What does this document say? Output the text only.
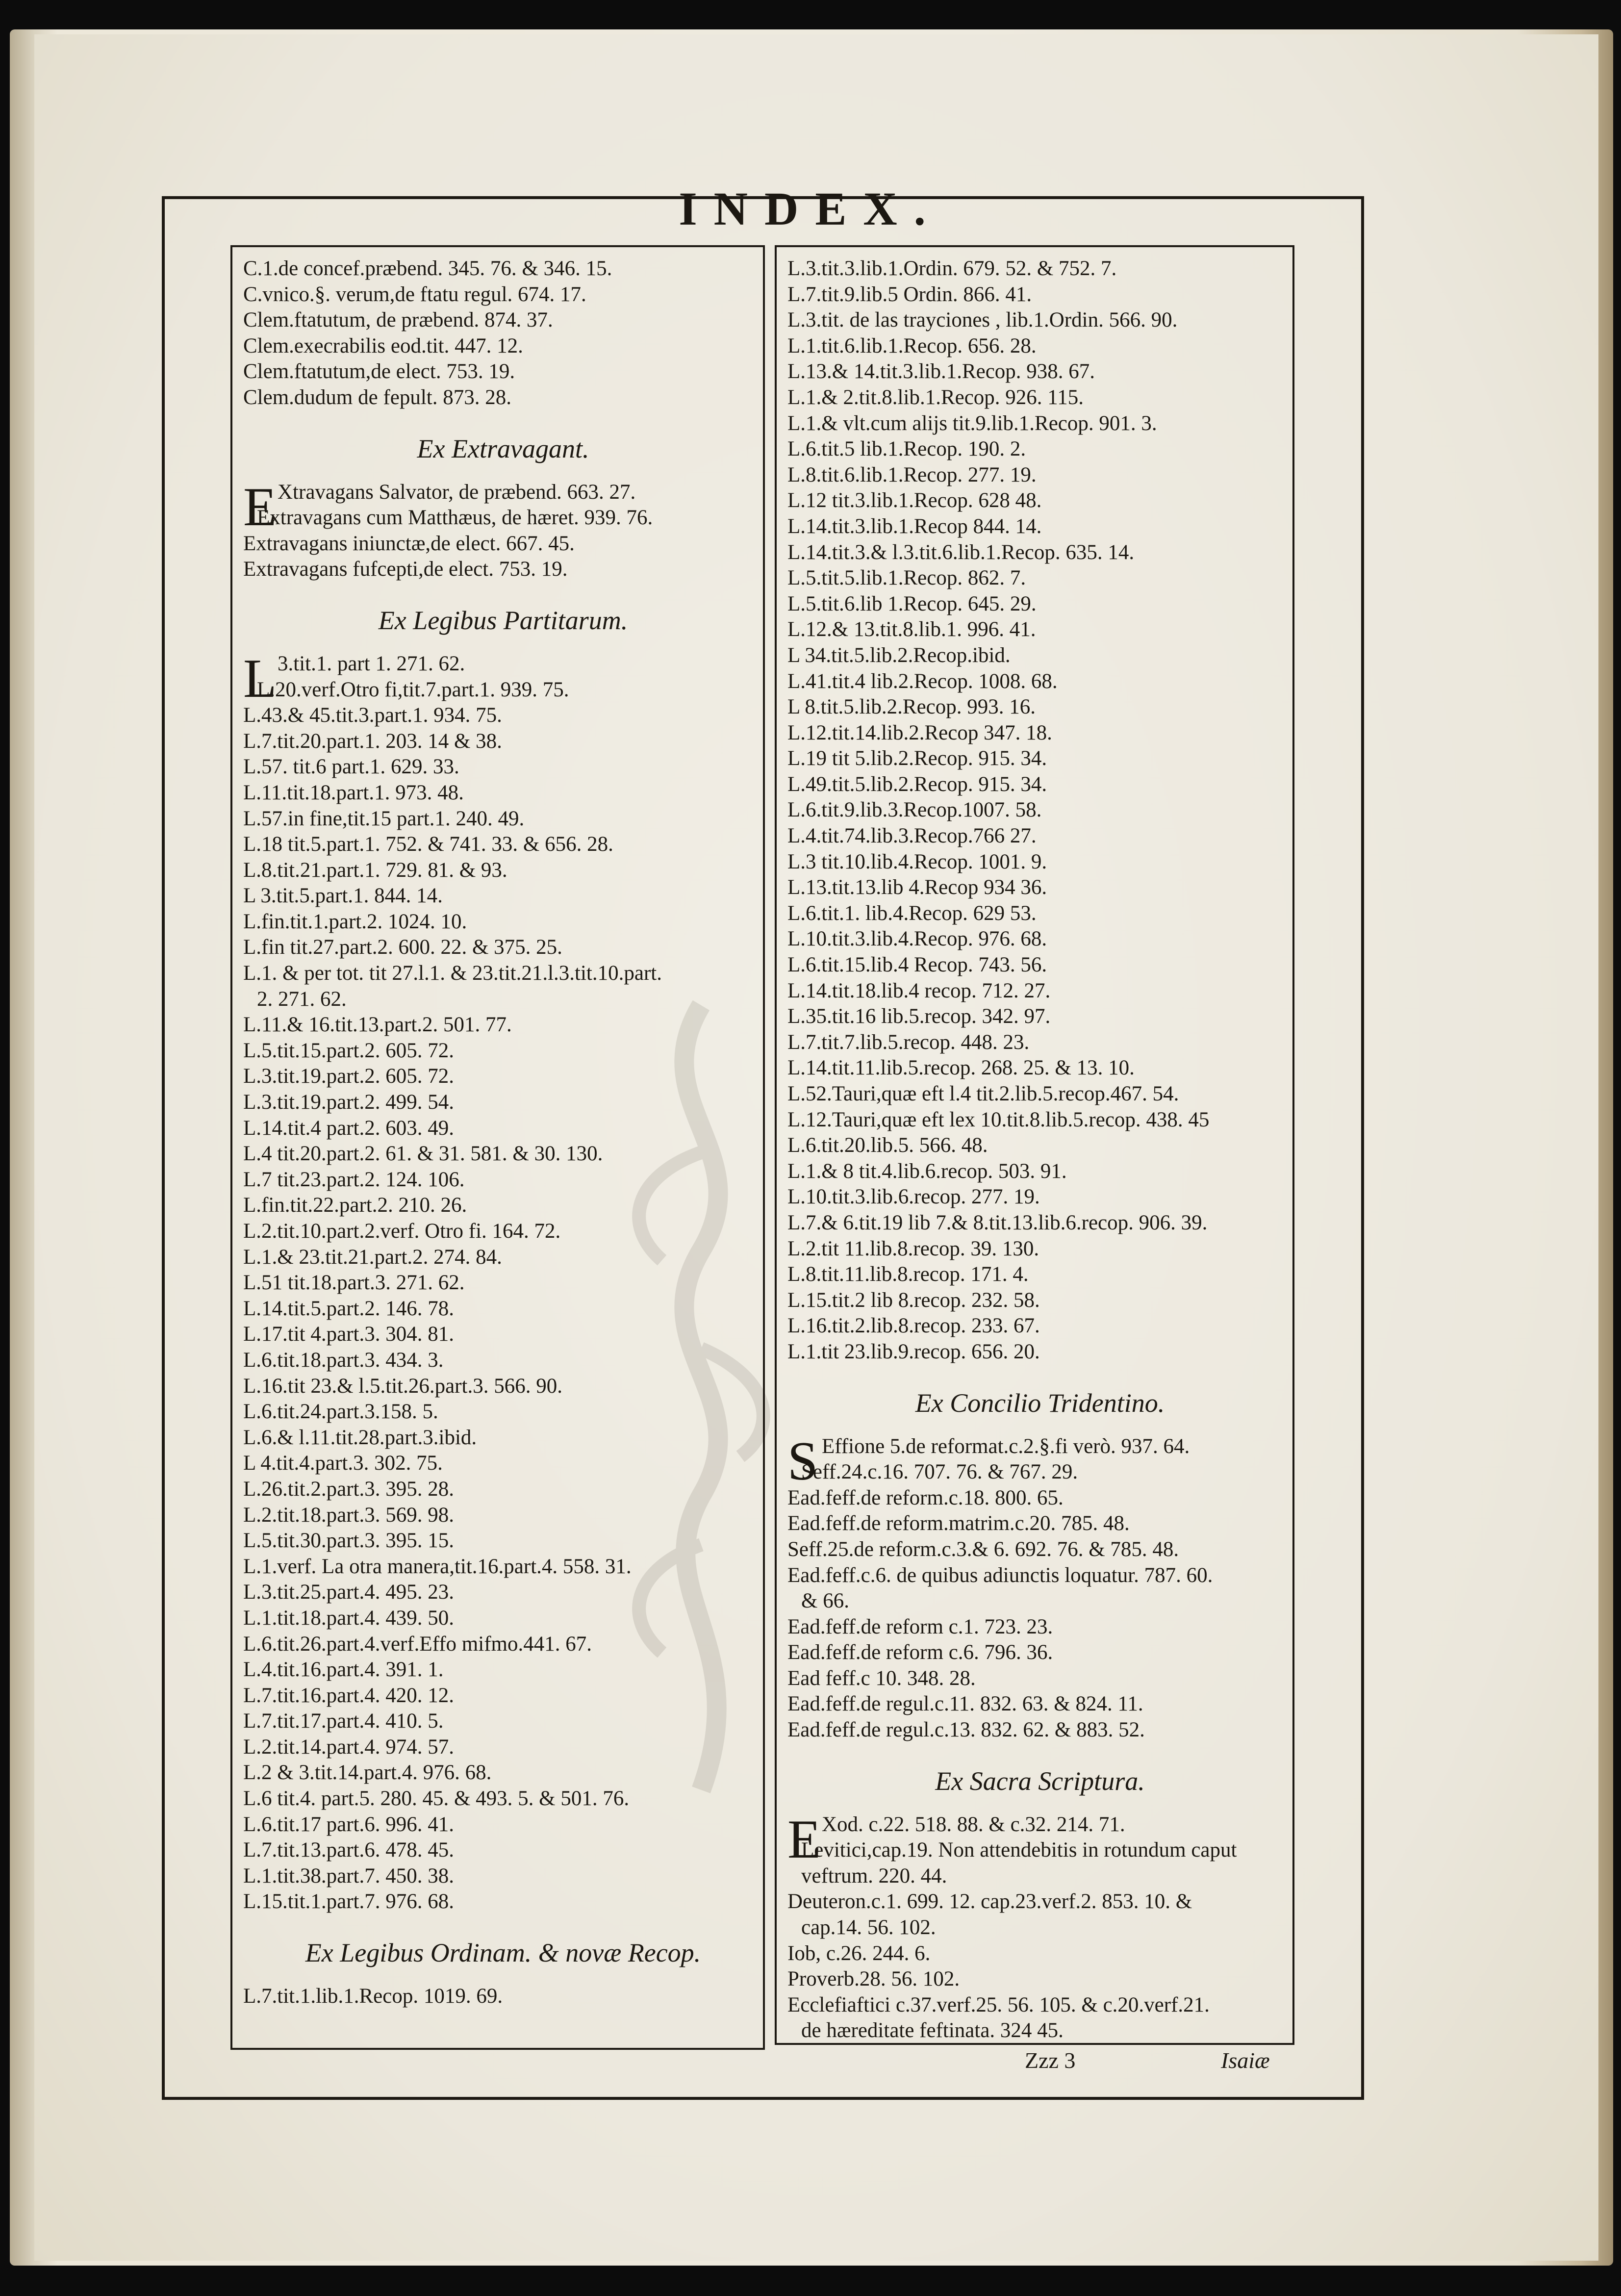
INDEX.
C.1.de concef.præbend. 345. 76. & 346. 15.
C.vnico.§. verum,de ftatu regul. 674. 17.
Clem.ftatutum, de præbend. 874. 37.
Clem.execrabilis eod.tit. 447. 12.
Clem.ftatutum,de elect. 753. 19.
Clem.dudum de fepult. 873. 28.
Ex Extravagant.
E Xtravagans Salvator, de præbend. 663. 27.
Extravagans cum Matthæus, de hæret. 939. 76.
Extravagans iniunctæ,de elect. 667. 45.
Extravagans fufcepti,de elect. 753. 19.
Ex Legibus Partitarum.
L 3.tit.1. part 1. 271. 62.
L.20.verf.Otro fi,tit.7.part.1. 939. 75.
L.43.& 45.tit.3.part.1. 934. 75.
L.7.tit.20.part.1. 203. 14 & 38.
L.57. tit.6 part.1. 629. 33.
L.11.tit.18.part.1. 973. 48.
L.57.in fine,tit.15 part.1. 240. 49.
L.18 tit.5.part.1. 752. & 741. 33. & 656. 28.
L.8.tit.21.part.1. 729. 81. & 93.
L 3.tit.5.part.1. 844. 14.
L.fin.tit.1.part.2. 1024. 10.
L.fin tit.27.part.2. 600. 22. & 375. 25.
L.1. & per tot. tit 27.l.1. & 23.tit.21.l.3.tit.10.part.
2. 271. 62.
L.11.& 16.tit.13.part.2. 501. 77.
L.5.tit.15.part.2. 605. 72.
L.3.tit.19.part.2. 605. 72.
L.3.tit.19.part.2. 499. 54.
L.14.tit.4 part.2. 603. 49.
L.4 tit.20.part.2. 61. & 31. 581. & 30. 130.
L.7 tit.23.part.2. 124. 106.
L.fin.tit.22.part.2. 210. 26.
L.2.tit.10.part.2.verf. Otro fi. 164. 72.
L.1.& 23.tit.21.part.2. 274. 84.
L.51 tit.18.part.3. 271. 62.
L.14.tit.5.part.2. 146. 78.
L.17.tit 4.part.3. 304. 81.
L.6.tit.18.part.3. 434. 3.
L.16.tit 23.& l.5.tit.26.part.3. 566. 90.
L.6.tit.24.part.3.158. 5.
L.6.& l.11.tit.28.part.3.ibid.
L 4.tit.4.part.3. 302. 75.
L.26.tit.2.part.3. 395. 28.
L.2.tit.18.part.3. 569. 98.
L.5.tit.30.part.3. 395. 15.
L.1.verf. La otra manera,tit.16.part.4. 558. 31.
L.3.tit.25.part.4. 495. 23.
L.1.tit.18.part.4. 439. 50.
L.6.tit.26.part.4.verf.Effo mifmo.441. 67.
L.4.tit.16.part.4. 391. 1.
L.7.tit.16.part.4. 420. 12.
L.7.tit.17.part.4. 410. 5.
L.2.tit.14.part.4. 974. 57.
L.2 & 3.tit.14.part.4. 976. 68.
L.6 tit.4. part.5. 280. 45. & 493. 5. & 501. 76.
L.6.tit.17 part.6. 996. 41.
L.7.tit.13.part.6. 478. 45.
L.1.tit.38.part.7. 450. 38.
L.15.tit.1.part.7. 976. 68.
Ex Legibus Ordinam. & novæ Recop.
L.7.tit.1.lib.1.Recop. 1019. 69.
L.3.tit.3.lib.1.Ordin. 679. 52. & 752. 7.
L.7.tit.9.lib.5 Ordin. 866. 41.
L.3.tit. de las trayciones , lib.1.Ordin. 566. 90.
L.1.tit.6.lib.1.Recop. 656. 28.
L.13.& 14.tit.3.lib.1.Recop. 938. 67.
L.1.& 2.tit.8.lib.1.Recop. 926. 115.
L.1.& vlt.cum alijs tit.9.lib.1.Recop. 901. 3.
L.6.tit.5 lib.1.Recop. 190. 2.
L.8.tit.6.lib.1.Recop. 277. 19.
L.12 tit.3.lib.1.Recop. 628 48.
L.14.tit.3.lib.1.Recop 844. 14.
L.14.tit.3.& l.3.tit.6.lib.1.Recop. 635. 14.
L.5.tit.5.lib.1.Recop. 862. 7.
L.5.tit.6.lib 1.Recop. 645. 29.
L.12.& 13.tit.8.lib.1. 996. 41.
L 34.tit.5.lib.2.Recop.ibid.
L.41.tit.4 lib.2.Recop. 1008. 68.
L 8.tit.5.lib.2.Recop. 993. 16.
L.12.tit.14.lib.2.Recop 347. 18.
L.19 tit 5.lib.2.Recop. 915. 34.
L.49.tit.5.lib.2.Recop. 915. 34.
L.6.tit.9.lib.3.Recop.1007. 58.
L.4.tit.74.lib.3.Recop.766 27.
L.3 tit.10.lib.4.Recop. 1001. 9.
L.13.tit.13.lib 4.Recop 934 36.
L.6.tit.1. lib.4.Recop. 629 53.
L.10.tit.3.lib.4.Recop. 976. 68.
L.6.tit.15.lib.4 Recop. 743. 56.
L.14.tit.18.lib.4 recop. 712. 27.
L.35.tit.16 lib.5.recop. 342. 97.
L.7.tit.7.lib.5.recop. 448. 23.
L.14.tit.11.lib.5.recop. 268. 25. & 13. 10.
L.52.Tauri,quæ eft l.4 tit.2.lib.5.recop.467. 54.
L.12.Tauri,quæ eft lex 10.tit.8.lib.5.recop. 438. 45
L.6.tit.20.lib.5. 566. 48.
L.1.& 8 tit.4.lib.6.recop. 503. 91.
L.10.tit.3.lib.6.recop. 277. 19.
L.7.& 6.tit.19 lib 7.& 8.tit.13.lib.6.recop. 906. 39.
L.2.tit 11.lib.8.recop. 39. 130.
L.8.tit.11.lib.8.recop. 171. 4.
L.15.tit.2 lib 8.recop. 232. 58.
L.16.tit.2.lib.8.recop. 233. 67.
L.1.tit 23.lib.9.recop. 656. 20.
Ex Concilio Tridentino.
S Effione 5.de reformat.c.2.§.fi verò. 937. 64.
Seff.24.c.16. 707. 76. & 767. 29.
Ead.feff.de reform.c.18. 800. 65.
Ead.feff.de reform.matrim.c.20. 785. 48.
Seff.25.de reform.c.3.& 6. 692. 76. & 785. 48.
Ead.feff.c.6. de quibus adiunctis loquatur. 787. 60.
& 66.
Ead.feff.de reform c.1. 723. 23.
Ead.feff.de reform c.6. 796. 36.
Ead feff.c 10. 348. 28.
Ead.feff.de regul.c.11. 832. 63. & 824. 11.
Ead.feff.de regul.c.13. 832. 62. & 883. 52.
Ex Sacra Scriptura.
E Xod. c.22. 518. 88. & c.32. 214. 71.
Levitici,cap.19. Non attendebitis in rotundum caput
veftrum. 220. 44.
Deuteron.c.1. 699. 12. cap.23.verf.2. 853. 10. &
cap.14. 56. 102.
Iob, c.26. 244. 6.
Proverb.28. 56. 102.
Ecclefiaftici c.37.verf.25. 56. 105. & c.20.verf.21.
de hæreditate feftinata. 324 45.
Zzz 3	Isaiæ
